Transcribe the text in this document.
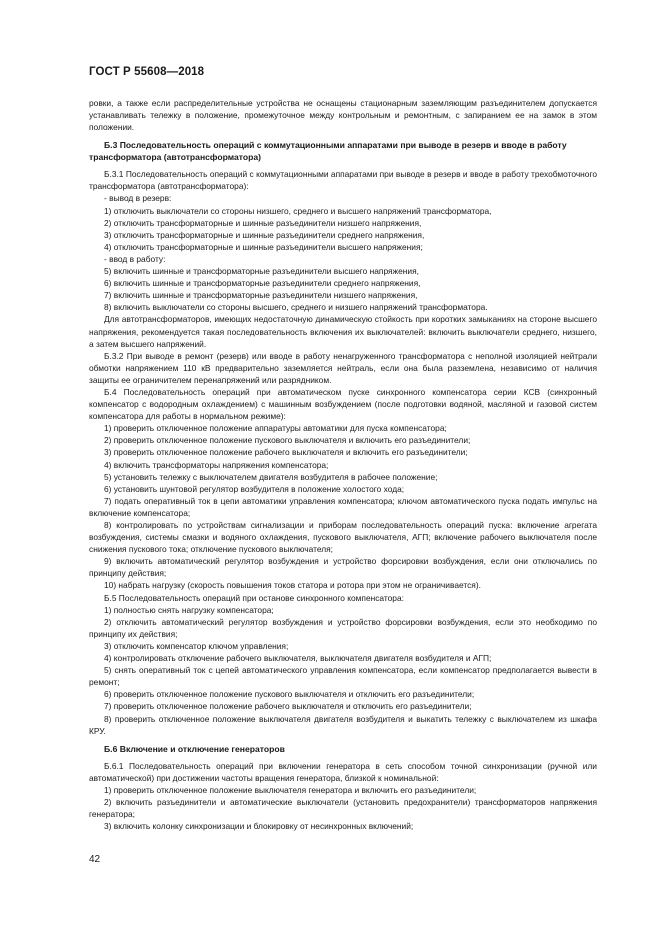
ГОСТ Р 55608—2018

ровки, а также если распределительные устройства не оснащены стационарным заземляющим разъединителем допускается устанавливать тележку в положение, промежуточное между контрольным и ремонтным, с запиранием ее на замок в этом положении.

Б.3 Последовательность операций с коммутационными аппаратами при выводе в резерв и вводе в работу трансформатора (автотрансформатора)

Б.3.1 Последовательность операций с коммутационными аппаратами при выводе в резерв и вводе в работу трехобмоточного трансформатора (автотрансформатора):

- вывод в резерв:

1) отключить выключатели со стороны низшего, среднего и высшего напряжений трансформатора,

2) отключить трансформаторные и шинные разъединители низшего напряжения,

3) отключить трансформаторные и шинные разъединители среднего напряжения,

4) отключить трансформаторные и шинные разъединители высшего напряжения;

- ввод в работу:

5) включить шинные и трансформаторные разъединители высшего напряжения,

6) включить шинные и трансформаторные разъединители среднего напряжения,

7) включить шинные и трансформаторные разъединители низшего напряжения,

8) включить выключатели со стороны высшего, среднего и низшего напряжений трансформатора.

Для автотрансформаторов, имеющих недостаточную динамическую стойкость при коротких замыканиях на стороне высшего напряжения, рекомендуется такая последовательность включения их выключателей: включить выключатели среднего, низшего, а затем высшего напряжений.

Б.3.2 При выводе в ремонт (резерв) или вводе в работу ненагруженного трансформатора с неполной изоляцией нейтрали обмотки напряжением 110 кВ предварительно заземляется нейтраль, если она была разземлена, независимо от наличия защиты ее ограничителем перенапряжений или разрядником.

Б.4 Последовательность операций при автоматическом пуске синхронного компенсатора серии КСВ (синхронный компенсатор с водородным охлаждением) с машинным возбуждением (после подготовки водяной, масляной и газовой систем компенсатора для работы в нормальном режиме):

1) проверить отключенное положение аппаратуры автоматики для пуска компенсатора;

2) проверить отключенное положение пускового выключателя и включить его разъединители;

3) проверить отключенное положение рабочего выключателя и включить его разъединители;

4) включить трансформаторы напряжения компенсатора;

5) установить тележку с выключателем двигателя возбудителя в рабочее положение;

6) установить шунтовой регулятор возбудителя в положение холостого хода;

7) подать оперативный ток в цепи автоматики управления компенсатора; ключом автоматического пуска подать импульс на включение компенсатора;

8) контролировать по устройствам сигнализации и приборам последовательность операций пуска: включение агрегата возбуждения, системы смазки и водяного охлаждения, пускового выключателя, АГП; включение рабочего выключателя после снижения пускового тока; отключение пускового выключателя;

9) включить автоматический регулятор возбуждения и устройство форсировки возбуждения, если они отключались по принципу действия;

10) набрать нагрузку (скорость повышения токов статора и ротора при этом не ограничивается).

Б.5 Последовательность операций при останове синхронного компенсатора:

1) полностью снять нагрузку компенсатора;

2) отключить автоматический регулятор возбуждения и устройство форсировки возбуждения, если это необходимо по принципу их действия;

3) отключить компенсатор ключом управления;

4) контролировать отключение рабочего выключателя, выключателя двигателя возбудителя и АГП;

5) снять оперативный ток с цепей автоматического управления компенсатора, если компенсатор предполагается вывести в ремонт;

6) проверить отключенное положение пускового выключателя и отключить его разъединители;

7) проверить отключенное положение рабочего выключателя и отключить его разъединители;

8) проверить отключенное положение выключателя двигателя возбудителя и выкатить тележку с выключателем из шкафа КРУ.

Б.6 Включение и отключение генераторов

Б.6.1 Последовательность операций при включении генератора в сеть способом точной синхронизации (ручной или автоматической) при достижении частоты вращения генератора, близкой к номинальной:

1) проверить отключенное положение выключателя генератора и включить его разъединители;

2) включить разъединители и автоматические выключатели (установить предохранители) трансформаторов напряжения генератора;

3) включить колонку синхронизации и блокировку от несинхронных включений;

42
